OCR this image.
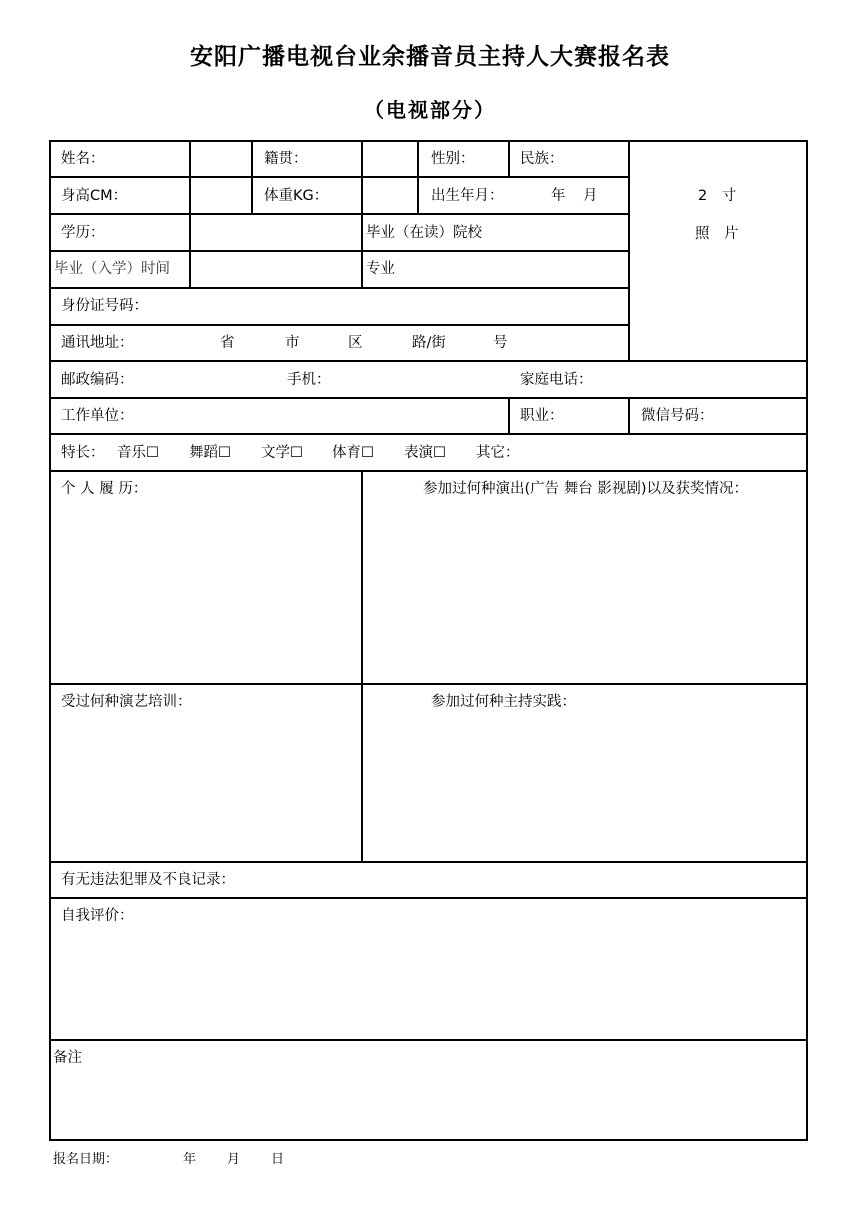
安阳广播电视台业余播音员主持人大赛报名表
（电视部分）
姓名：	籍贯：	性别：	民族：
身高CM：	体重KG：	出生年月：	年 月	2　寸
照　片
学历：	毕业（在读）院校
毕业（入学）时间	专业
身份证号码：
通讯地址：	省	市	区	路/街	号
邮政编码：	手机：	家庭电话：
工作单位：	职业：	微信号码：
特长： 音乐☐ 舞蹈☐ 文学☐ 体育☐ 表演☐ 其它：
个 人 履 历：	参加过何种演出(广告 舞台 影视剧)以及获奖情况：
受过何种演艺培训：	参加过何种主持实践：
有无违法犯罪及不良记录：
自我评价：
备注
报名日期：	年 月 日
